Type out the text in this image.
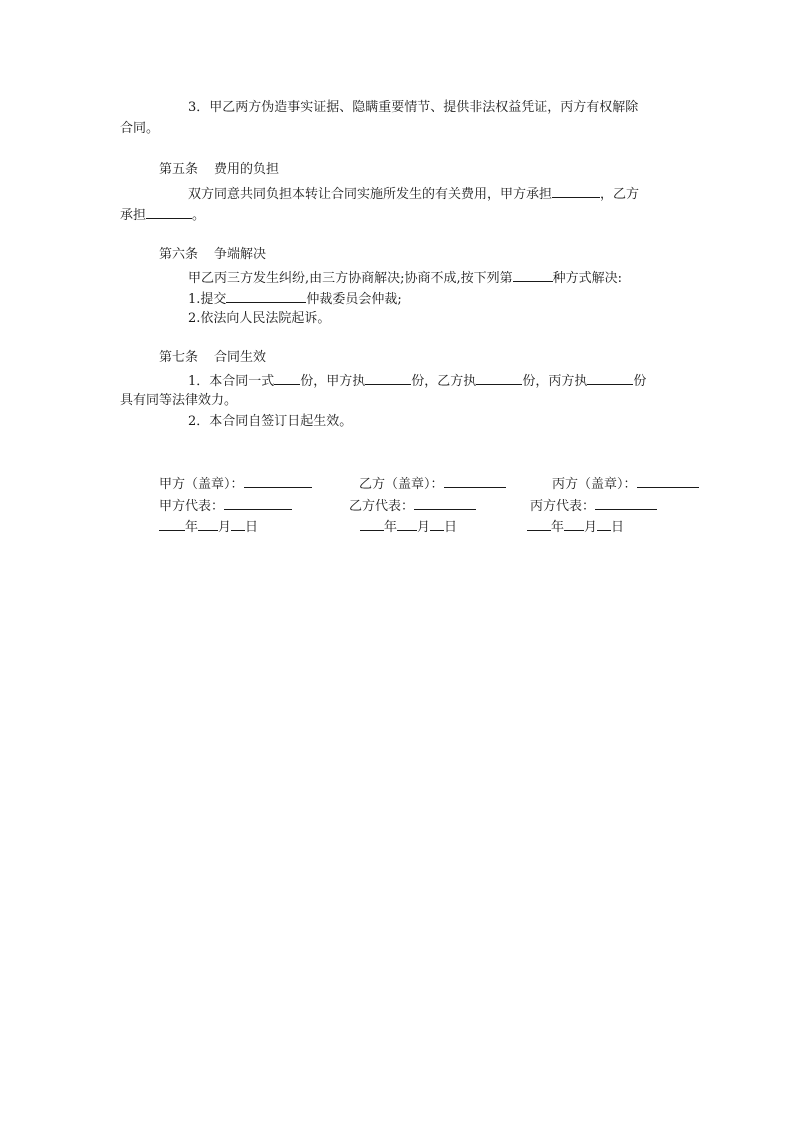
3．甲乙两方伪造事实证据、隐瞒重要情节、提供非法权益凭证，丙方有权解除
合同。
第五条 费用的负担
双方同意共同负担本转让合同实施所发生的有关费用，甲方承担	，乙方
承担	。
第六条 争端解决
甲乙丙三方发生纠纷,由三方协商解决;协商不成,按下列第	种方式解决:
1.提交	仲裁委员会仲裁;
2.依法向人民法院起诉。
第七条 合同生效
1．本合同一式 份，甲方执	份，乙方执	份，丙方执	份
具有同等法律效力。
2．本合同自签订日起生效。
甲方（盖章）：	乙方（盖章）：	丙方（盖章）：
甲方代表：	乙方代表：	丙方代表：
年 月 日	年 月 日	年 月 日
